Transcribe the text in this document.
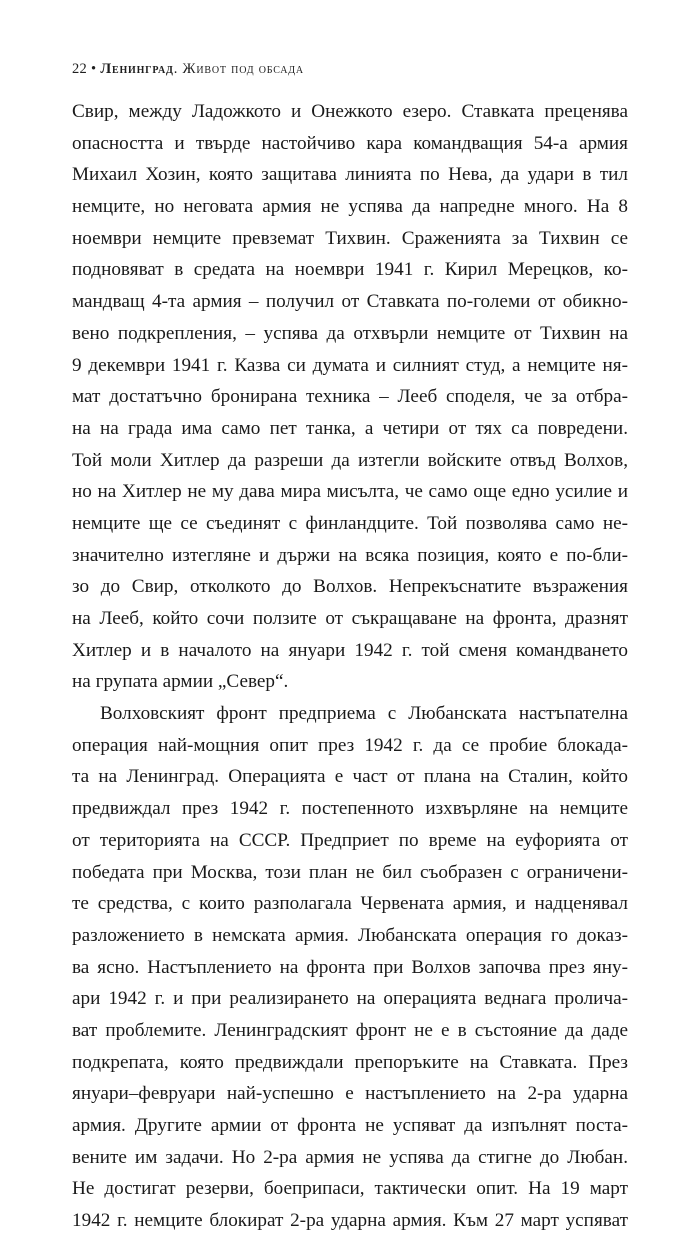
22 • Ленинград. Живот под обсада
Свир, между Ладожкото и Онежкото езеро. Ставката преценява
опасността и твърде настойчиво кара командващия 54-а армия
Михаил Хозин, която защитава линията по Нева, да удари в тил
немците, но неговата армия не успява да напредне много. На 8
ноември немците превземат Тихвин. Сраженията за Тихвин се
подновяват в средата на ноември 1941 г. Кирил Мерецков, ко-
мандващ 4-та армия – получил от Ставката по-големи от обикно-
вено подкрепления, – успява да отхвърли немците от Тихвин на
9 декември 1941 г. Казва си думата и силният студ, а немците ня-
мат достатъчно бронирана техника – Лееб споделя, че за отбра-
на на града има само пет танка, а четири от тях са повредени.
Той моли Хитлер да разреши да изтегли войските отвъд Волхов,
но на Хитлер не му дава мира мисълта, че само още едно усилие и
немците ще се съединят с финландците. Той позволява само не-
значително изтегляне и държи на всяка позиция, която е по-бли-
зо до Свир, отколкото до Волхов. Непрекъснатите възражения
на Лееб, който сочи ползите от съкращаване на фронта, дразнят
Хитлер и в началото на януари 1942 г. той сменя командването
на групата армии „Север“.
Волховският фронт предприема с Любанската настъпателна
операция най-мощния опит през 1942 г. да се пробие блокада-
та на Ленинград. Операцията е част от плана на Сталин, който
предвиждал през 1942 г. постепенното изхвърляне на немците
от територията на СССР. Предприет по време на еуфорията от
победата при Москва, този план не бил съобразен с ограничени-
те средства, с които разполагала Червената армия, и надценявал
разложението в немската армия. Любанската операция го доказ-
ва ясно. Настъплението на фронта при Волхов започва през яну-
ари 1942 г. и при реализирането на операцията веднага пролича-
ват проблемите. Ленинградският фронт не е в състояние да даде
подкрепата, която предвиждали препоръките на Ставката. През
януари–февруари най-успешно е настъплението на 2-ра ударна
армия. Другите армии от фронта не успяват да изпълнят поста-
вените им задачи. Но 2-ра армия не успява да стигне до Любан.
Не достигат резерви, боеприпаси, тактически опит. На 19 март
1942 г. немците блокират 2-ра ударна армия. Към 27 март успяват
